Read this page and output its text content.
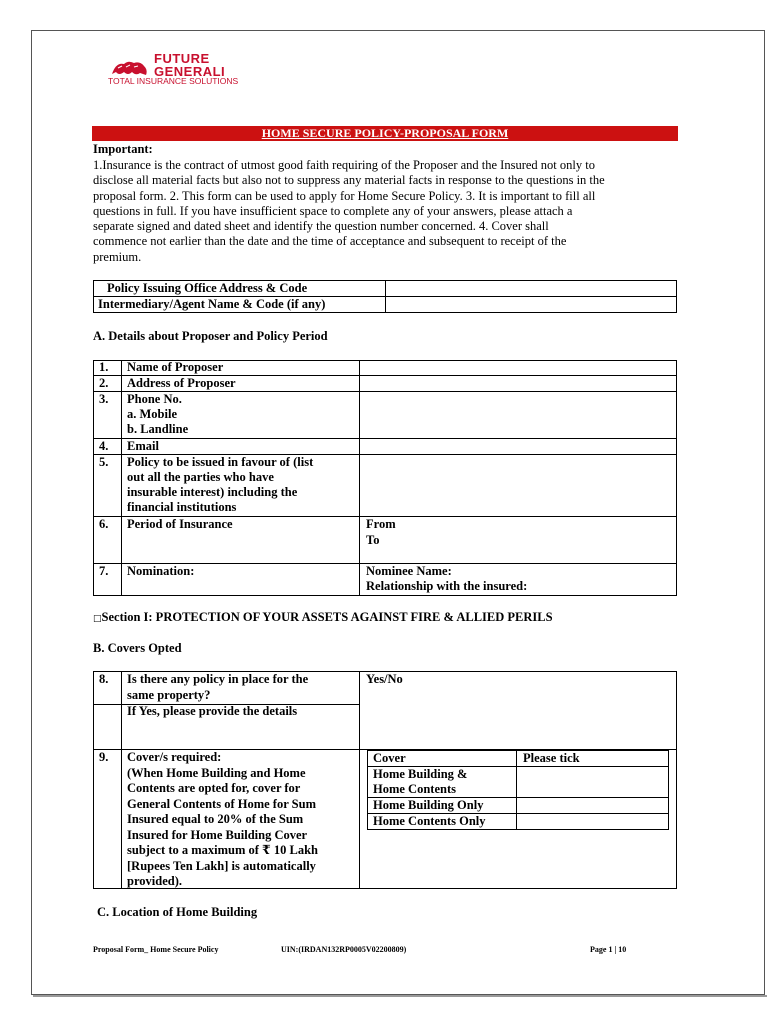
FUTURE
GENERALI
TOTAL INSURANCE SOLUTIONS
HOME SECURE POLICY-PROPOSAL FORM
Important:
1.Insurance is the contract of utmost good faith requiring of the Proposer and the Insured not only to
disclose all material facts but also not to suppress any material facts in response to the questions in the
proposal form. 2. This form can be used to apply for Home Secure Policy. 3. It is important to fill all
questions in full. If you have insufficient space to complete any of your answers, please attach a
separate signed and dated sheet and identify the question number concerned. 4. Cover shall
commence not earlier than the date and the time of acceptance and subsequent to receipt of the
premium.
Policy Issuing Office Address & Code
Intermediary/Agent Name & Code (if any)
A. Details about Proposer and Policy Period
1. Name of Proposer
2. Address of Proposer
3. Phone No.
a. Mobile
b. Landline
4. Email
5. Policy to be issued in favour of (list
out all the parties who have
insurable interest) including the
financial institutions
6. Period of Insurance	From
To
7. Nomination:	Nominee Name:
Relationship with the insured:
□Section I: PROTECTION OF YOUR ASSETS AGAINST FIRE & ALLIED PERILS
B. Covers Opted
8. Is there any policy in place for the
same property?
If Yes, please provide the details
Yes/No
9. Cover/s required:
(When Home Building and Home
Contents are opted for, cover for
General Contents of Home for Sum
Insured equal to 20% of the Sum
Insured for Home Building Cover
subject to a maximum of ₹ 10 Lakh
[Rupees Ten Lakh] is automatically
provided).
Cover	Please tick
Home Building &
Home Contents
Home Building Only
Home Contents Only
C. Location of Home Building
Proposal Form_ Home Secure Policy	UIN:(IRDAN132RP0005V02200809)	Page 1 | 10
